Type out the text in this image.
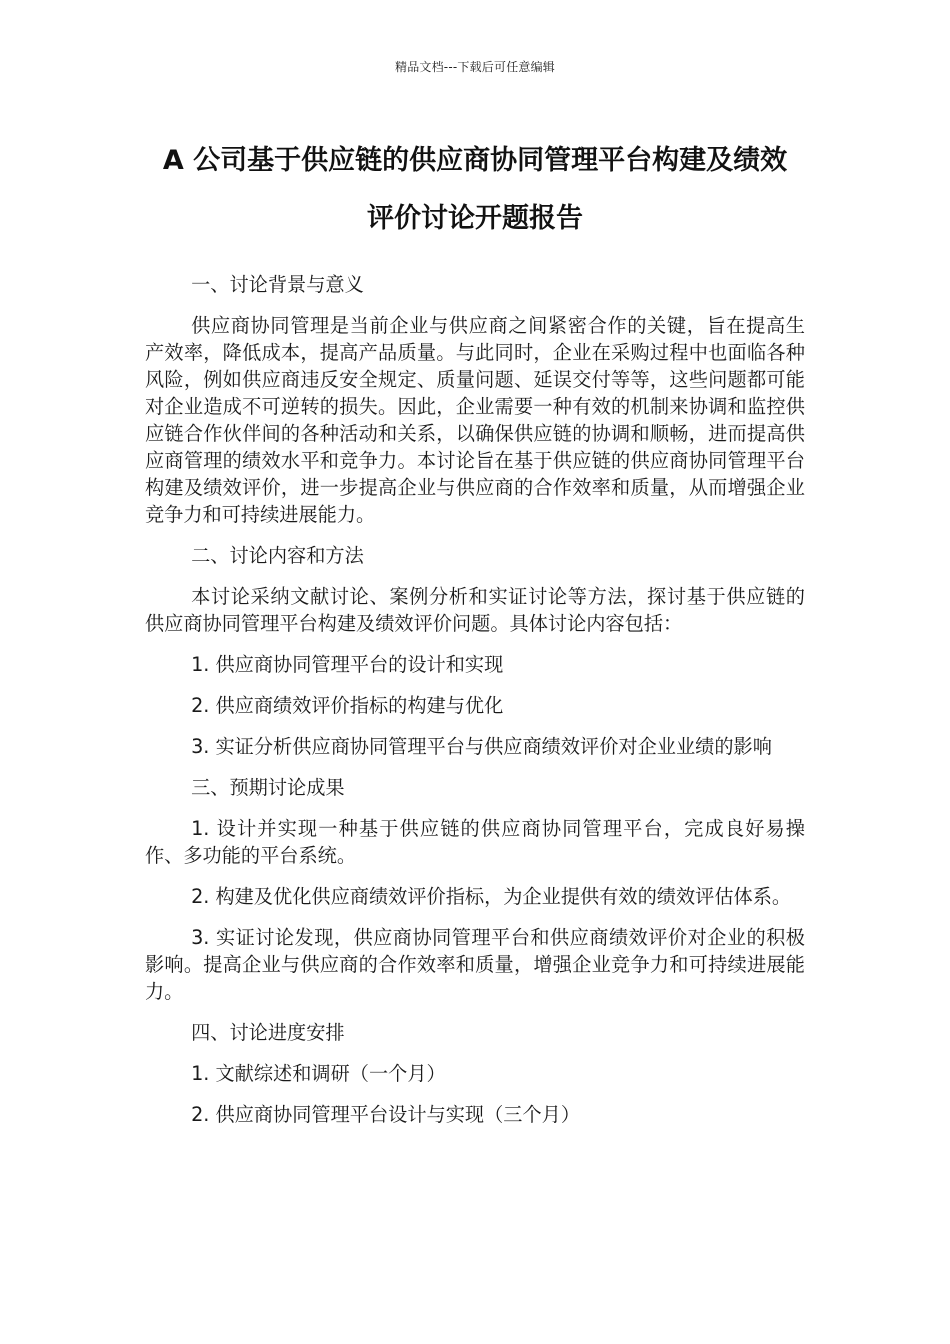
精品文档---下载后可任意编辑
A 公司基于供应链的供应商协同管理平台构建及绩效
评价讨论开题报告

一、讨论背景与意义

供应商协同管理是当前企业与供应商之间紧密合作的关键，旨在提高生产效率，降低成本，提高产品质量。与此同时，企业在采购过程中也面临各种风险，例如供应商违反安全规定、质量问题、延误交付等等，这些问题都可能对企业造成不可逆转的损失。因此，企业需要一种有效的机制来协调和监控供应链合作伙伴间的各种活动和关系，以确保供应链的协调和顺畅，进而提高供应商管理的绩效水平和竞争力。本讨论旨在基于供应链的供应商协同管理平台构建及绩效评价，进一步提高企业与供应商的合作效率和质量，从而增强企业竞争力和可持续进展能力。

二、讨论内容和方法

本讨论采纳文献讨论、案例分析和实证讨论等方法，探讨基于供应链的供应商协同管理平台构建及绩效评价问题。具体讨论内容包括：

1. 供应商协同管理平台的设计和实现

2. 供应商绩效评价指标的构建与优化

3. 实证分析供应商协同管理平台与供应商绩效评价对企业业绩的影响

三、预期讨论成果

1. 设计并实现一种基于供应链的供应商协同管理平台，完成良好易操作、多功能的平台系统。

2. 构建及优化供应商绩效评价指标，为企业提供有效的绩效评估体系。

3. 实证讨论发现，供应商协同管理平台和供应商绩效评价对企业的积极影响。提高企业与供应商的合作效率和质量，增强企业竞争力和可持续进展能力。

四、讨论进度安排

1. 文献综述和调研（一个月）

2. 供应商协同管理平台设计与实现（三个月）
